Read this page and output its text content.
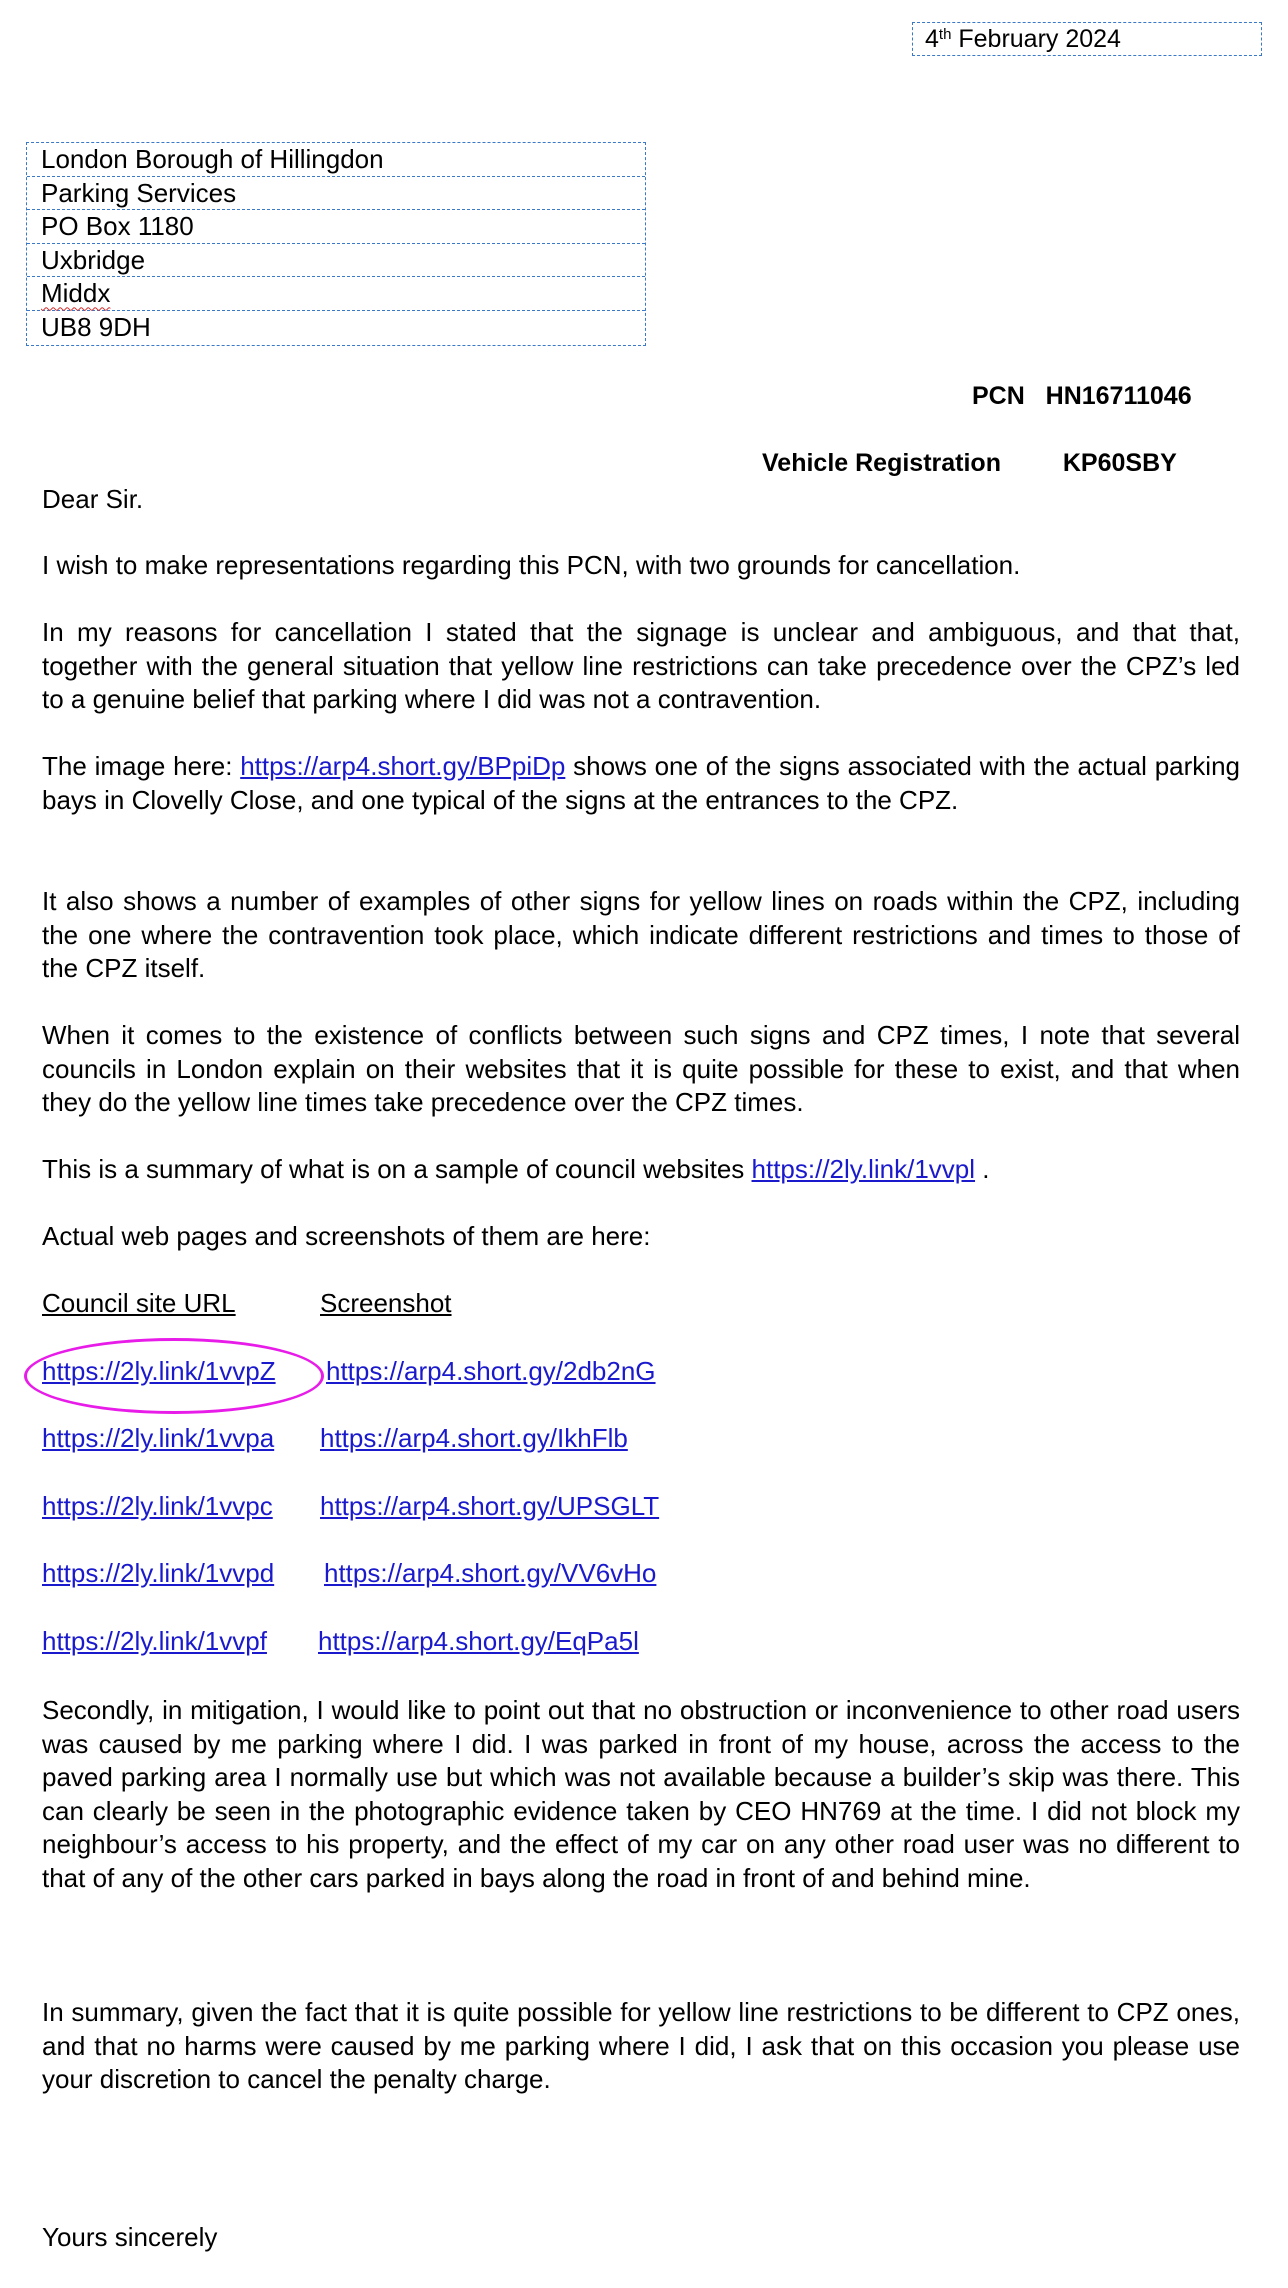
4th February 2024
London Borough of Hillingdon
Parking Services
PO Box 1180
Uxbridge
Middx
UB8 9DH
PCN HN16711046
Vehicle Registration KP60SBY
Dear Sir.
I wish to make representations regarding this PCN, with two grounds for cancellation.
In my reasons for cancellation I stated that the signage is unclear and ambiguous, and that that, together with the general situation that yellow line restrictions can take precedence over the CPZ’s led to a genuine belief that parking where I did was not a contravention.
The image here: https://arp4.short.gy/BPpiDp shows one of the signs associated with the actual parking bays in Clovelly Close, and one typical of the signs at the entrances to the CPZ.
It also shows a number of examples of other signs for yellow lines on roads within the CPZ, including the one where the contravention took place, which indicate different restrictions and times to those of the CPZ itself.
When it comes to the existence of conflicts between such signs and CPZ times, I note that several councils in London explain on their websites that it is quite possible for these to exist, and that when they do the yellow line times take precedence over the CPZ times.
This is a summary of what is on a sample of council websites https://2ly.link/1vvpl .
Actual web pages and screenshots of them are here:
Council site URL	Screenshot
https://2ly.link/1vvpZ https://arp4.short.gy/2db2nG
https://2ly.link/1vvpa https://arp4.short.gy/IkhFlb
https://2ly.link/1vvpc https://arp4.short.gy/UPSGLT
https://2ly.link/1vvpd https://arp4.short.gy/VV6vHo
https://2ly.link/1vvpf https://arp4.short.gy/EqPa5l
Secondly, in mitigation, I would like to point out that no obstruction or inconvenience to other road users was caused by me parking where I did. I was parked in front of my house, across the access to the paved parking area I normally use but which was not available because a builder’s skip was there. This can clearly be seen in the photographic evidence taken by CEO HN769 at the time. I did not block my neighbour’s access to his property, and the effect of my car on any other road user was no different to that of any of the other cars parked in bays along the road in front of and behind mine.
In summary, given the fact that it is quite possible for yellow line restrictions to be different to CPZ ones, and that no harms were caused by me parking where I did, I ask that on this occasion you please use your discretion to cancel the penalty charge.
Yours sincerely
